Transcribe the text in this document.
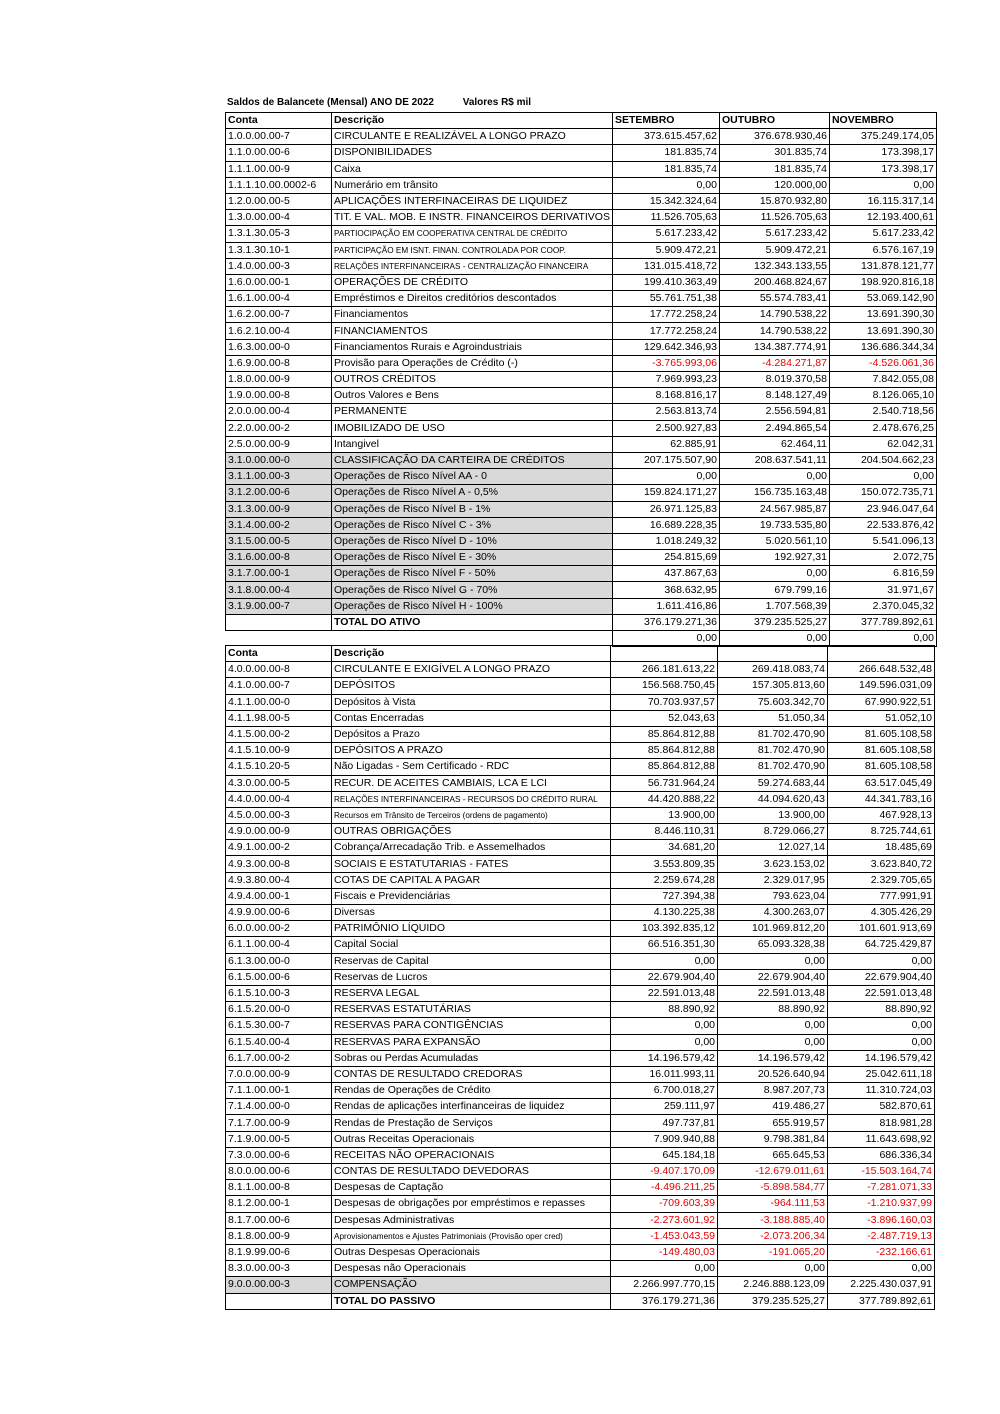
Saldos de Balancete (Mensal) ANO DE 2022	Valores R$ mil
Conta	Descrição	SETEMBRO	OUTUBRO	NOVEMBRO
1.0.0.00.00-7	CIRCULANTE E REALIZÁVEL A LONGO PRAZO	373.615.457,62	376.678.930,46	375.249.174,05
1.1.0.00.00-6	DISPONIBILIDADES	181.835,74	301.835,74	173.398,17
1.1.1.00.00-9	Caixa	181.835,74	181.835,74	173.398,17
1.1.1.10.00.0002-6	Numerário em trânsito	0,00	120.000,00	0,00
1.2.0.00.00-5	APLICAÇÕES INTERFINACEIRAS DE LIQUIDEZ	15.342.324,64	15.870.932,80	16.115.317,14
1.3.0.00.00-4	TIT. E VAL. MOB. E INSTR. FINANCEIROS DERIVATIVOS	11.526.705,63	11.526.705,63	12.193.400,61
1.3.1.30.05-3	PARTIOCIPAÇÃO EM COOPERATIVA CENTRAL DE CRÉDITO	5.617.233,42	5.617.233,42	5.617.233,42
1.3.1.30.10-1	PARTICIPAÇÃO EM ISNT. FINAN. CONTROLADA POR COOP.	5.909.472,21	5.909.472,21	6.576.167,19
1.4.0.00.00-3	RELAÇÕES INTERFINANCEIRAS - CENTRALIZAÇÃO FINANCEIRA	131.015.418,72	132.343.133,55	131.878.121,77
1.6.0.00.00-1	OPERAÇÕES DE CRÉDITO	199.410.363,49	200.468.824,67	198.920.816,18
1.6.1.00.00-4	Empréstimos e Direitos creditórios descontados	55.761.751,38	55.574.783,41	53.069.142,90
1.6.2.00.00-7	Financiamentos	17.772.258,24	14.790.538,22	13.691.390,30
1.6.2.10.00-4	FINANCIAMENTOS	17.772.258,24	14.790.538,22	13.691.390,30
1.6.3.00.00-0	Financiamentos Rurais e Agroindustriais	129.642.346,93	134.387.774,91	136.686.344,34
1.6.9.00.00-8	Provisão para Operações de Crédito (-)	-3.765.993,06	-4.284.271,87	-4.526.061,36
1.8.0.00.00-9	OUTROS CRÉDITOS	7.969.993,23	8.019.370,58	7.842.055,08
1.9.0.00.00-8	Outros Valores e Bens	8.168.816,17	8.148.127,49	8.126.065,10
2.0.0.00.00-4	PERMANENTE	2.563.813,74	2.556.594,81	2.540.718,56
2.2.0.00.00-2	IMOBILIZADO DE USO	2.500.927,83	2.494.865,54	2.478.676,25
2.5.0.00.00-9	Intangivel	62.885,91	62.464,11	62.042,31
3.1.0.00.00-0	CLASSIFICAÇÃO DA CARTEIRA DE CRÉDITOS	207.175.507,90	208.637.541,11	204.504.662,23
3.1.1.00.00-3	Operações de Risco Nível AA - 0	0,00	0,00	0,00
3.1.2.00.00-6	Operações de Risco Nível A - 0,5%	159.824.171,27	156.735.163,48	150.072.735,71
3.1.3.00.00-9	Operações de Risco Nível B - 1%	26.971.125,83	24.567.985,87	23.946.047,64
3.1.4.00.00-2	Operações de Risco Nível C - 3%	16.689.228,35	19.733.535,80	22.533.876,42
3.1.5.00.00-5	Operações de Risco Nível D - 10%	1.018.249,32	5.020.561,10	5.541.096,13
3.1.6.00.00-8	Operações de Risco Nível E - 30%	254.815,69	192.927,31	2.072,75
3.1.7.00.00-1	Operações de Risco Nível F - 50%	437.867,63	0,00	6.816,59
3.1.8.00.00-4	Operações de Risco Nível G - 70%	368.632,95	679.799,16	31.971,67
3.1.9.00.00-7	Operações de Risco Nível H - 100%	1.611.416,86	1.707.568,39	2.370.045,32
	TOTAL DO ATIVO	376.179.271,36	379.235.525,27	377.789.892,61
		0,00	0,00	0,00
Conta	Descrição			
4.0.0.00.00-8	CIRCULANTE E EXIGÍVEL A LONGO PRAZO	266.181.613,22	269.418.083,74	266.648.532,48
4.1.0.00.00-7	DEPÓSITOS	156.568.750,45	157.305.813,60	149.596.031,09
4.1.1.00.00-0	Depósitos à Vista	70.703.937,57	75.603.342,70	67.990.922,51
4.1.1.98.00-5	Contas Encerradas	52.043,63	51.050,34	51.052,10
4.1.5.00.00-2	Depósitos a Prazo	85.864.812,88	81.702.470,90	81.605.108,58
4.1.5.10.00-9	DEPÓSITOS A PRAZO	85.864.812,88	81.702.470,90	81.605.108,58
4.1.5.10.20-5	Não Ligadas - Sem Certificado - RDC	85.864.812,88	81.702.470,90	81.605.108,58
4.3.0.00.00-5	RECUR. DE ACEITES CAMBIAIS, LCA E LCI	56.731.964,24	59.274.683,44	63.517.045,49
4.4.0.00.00-4	RELAÇÕES INTERFINANCEIRAS - RECURSOS DO CRÉDITO RURAL	44.420.888,22	44.094.620,43	44.341.783,16
4.5.0.00.00-3	Recursos em Trânsito de Terceiros (ordens de pagamento)	13.900,00	13.900,00	467.928,13
4.9.0.00.00-9	OUTRAS OBRIGAÇÕES	8.446.110,31	8.729.066,27	8.725.744,61
4.9.1.00.00-2	Cobrança/Arrecadação Trib. e Assemelhados	34.681,20	12.027,14	18.485,69
4.9.3.00.00-8	SOCIAIS E ESTATUTARIAS - FATES	3.553.809,35	3.623.153,02	3.623.840,72
4.9.3.80.00-4	COTAS DE CAPITAL A PAGAR	2.259.674,28	2.329.017,95	2.329.705,65
4.9.4.00.00-1	Fiscais e Previdenciárias	727.394,38	793.623,04	777.991,91
4.9.9.00.00-6	Diversas	4.130.225,38	4.300.263,07	4.305.426,29
6.0.0.00.00-2	PATRIMÔNIO LÍQUIDO	103.392.835,12	101.969.812,20	101.601.913,69
6.1.1.00.00-4	Capital Social	66.516.351,30	65.093.328,38	64.725.429,87
6.1.3.00.00-0	Reservas de Capital	0,00	0,00	0,00
6.1.5.00.00-6	Reservas de Lucros	22.679.904,40	22.679.904,40	22.679.904,40
6.1.5.10.00-3	RESERVA LEGAL	22.591.013,48	22.591.013,48	22.591.013,48
6.1.5.20.00-0	RESERVAS ESTATUTÁRIAS	88.890,92	88.890,92	88.890,92
6.1.5.30.00-7	RESERVAS PARA CONTIGÊNCIAS	0,00	0,00	0,00
6.1.5.40.00-4	RESERVAS PARA EXPANSÃO	0,00	0,00	0,00
6.1.7.00.00-2	Sobras ou Perdas Acumuladas	14.196.579,42	14.196.579,42	14.196.579,42
7.0.0.00.00-9	CONTAS DE RESULTADO CREDORAS	16.011.993,11	20.526.640,94	25.042.611,18
7.1.1.00.00-1	Rendas de Operações de Crédito	6.700.018,27	8.987.207,73	11.310.724,03
7.1.4.00.00-0	Rendas de aplicações interfinanceiras de liquidez	259.111,97	419.486,27	582.870,61
7.1.7.00.00-9	Rendas de Prestação de Serviços	497.737,81	655.919,57	818.981,28
7.1.9.00.00-5	Outras Receitas Operacionais	7.909.940,88	9.798.381,84	11.643.698,92
7.3.0.00.00-6	RECEITAS NÃO OPERACIONAIS	645.184,18	665.645,53	686.336,34
8.0.0.00.00-6	CONTAS DE RESULTADO DEVEDORAS	-9.407.170,09	-12.679.011,61	-15.503.164,74
8.1.1.00.00-8	Despesas de Captação	-4.496.211,25	-5.898.584,77	-7.281.071,33
8.1.2.00.00-1	Despesas de obrigações por empréstimos e repasses	-709.603,39	-964.111,53	-1.210.937,99
8.1.7.00.00-6	Despesas Administrativas	-2.273.601,92	-3.188.885,40	-3.896.160,03
8.1.8.00.00-9	Aprovisionamentos e Ajustes Patrimoniais (Provisão oper cred)	-1.453.043,59	-2.073.206,34	-2.487.719,13
8.1.9.99.00-6	Outras Despesas Operacionais	-149.480,03	-191.065,20	-232.166,61
8.3.0.00.00-3	Despesas não Operacionais	0,00	0,00	0,00
9.0.0.00.00-3	COMPENSAÇÃO	2.266.997.770,15	2.246.888.123,09	2.225.430.037,91
	TOTAL DO PASSIVO	376.179.271,36	379.235.525,27	377.789.892,61
